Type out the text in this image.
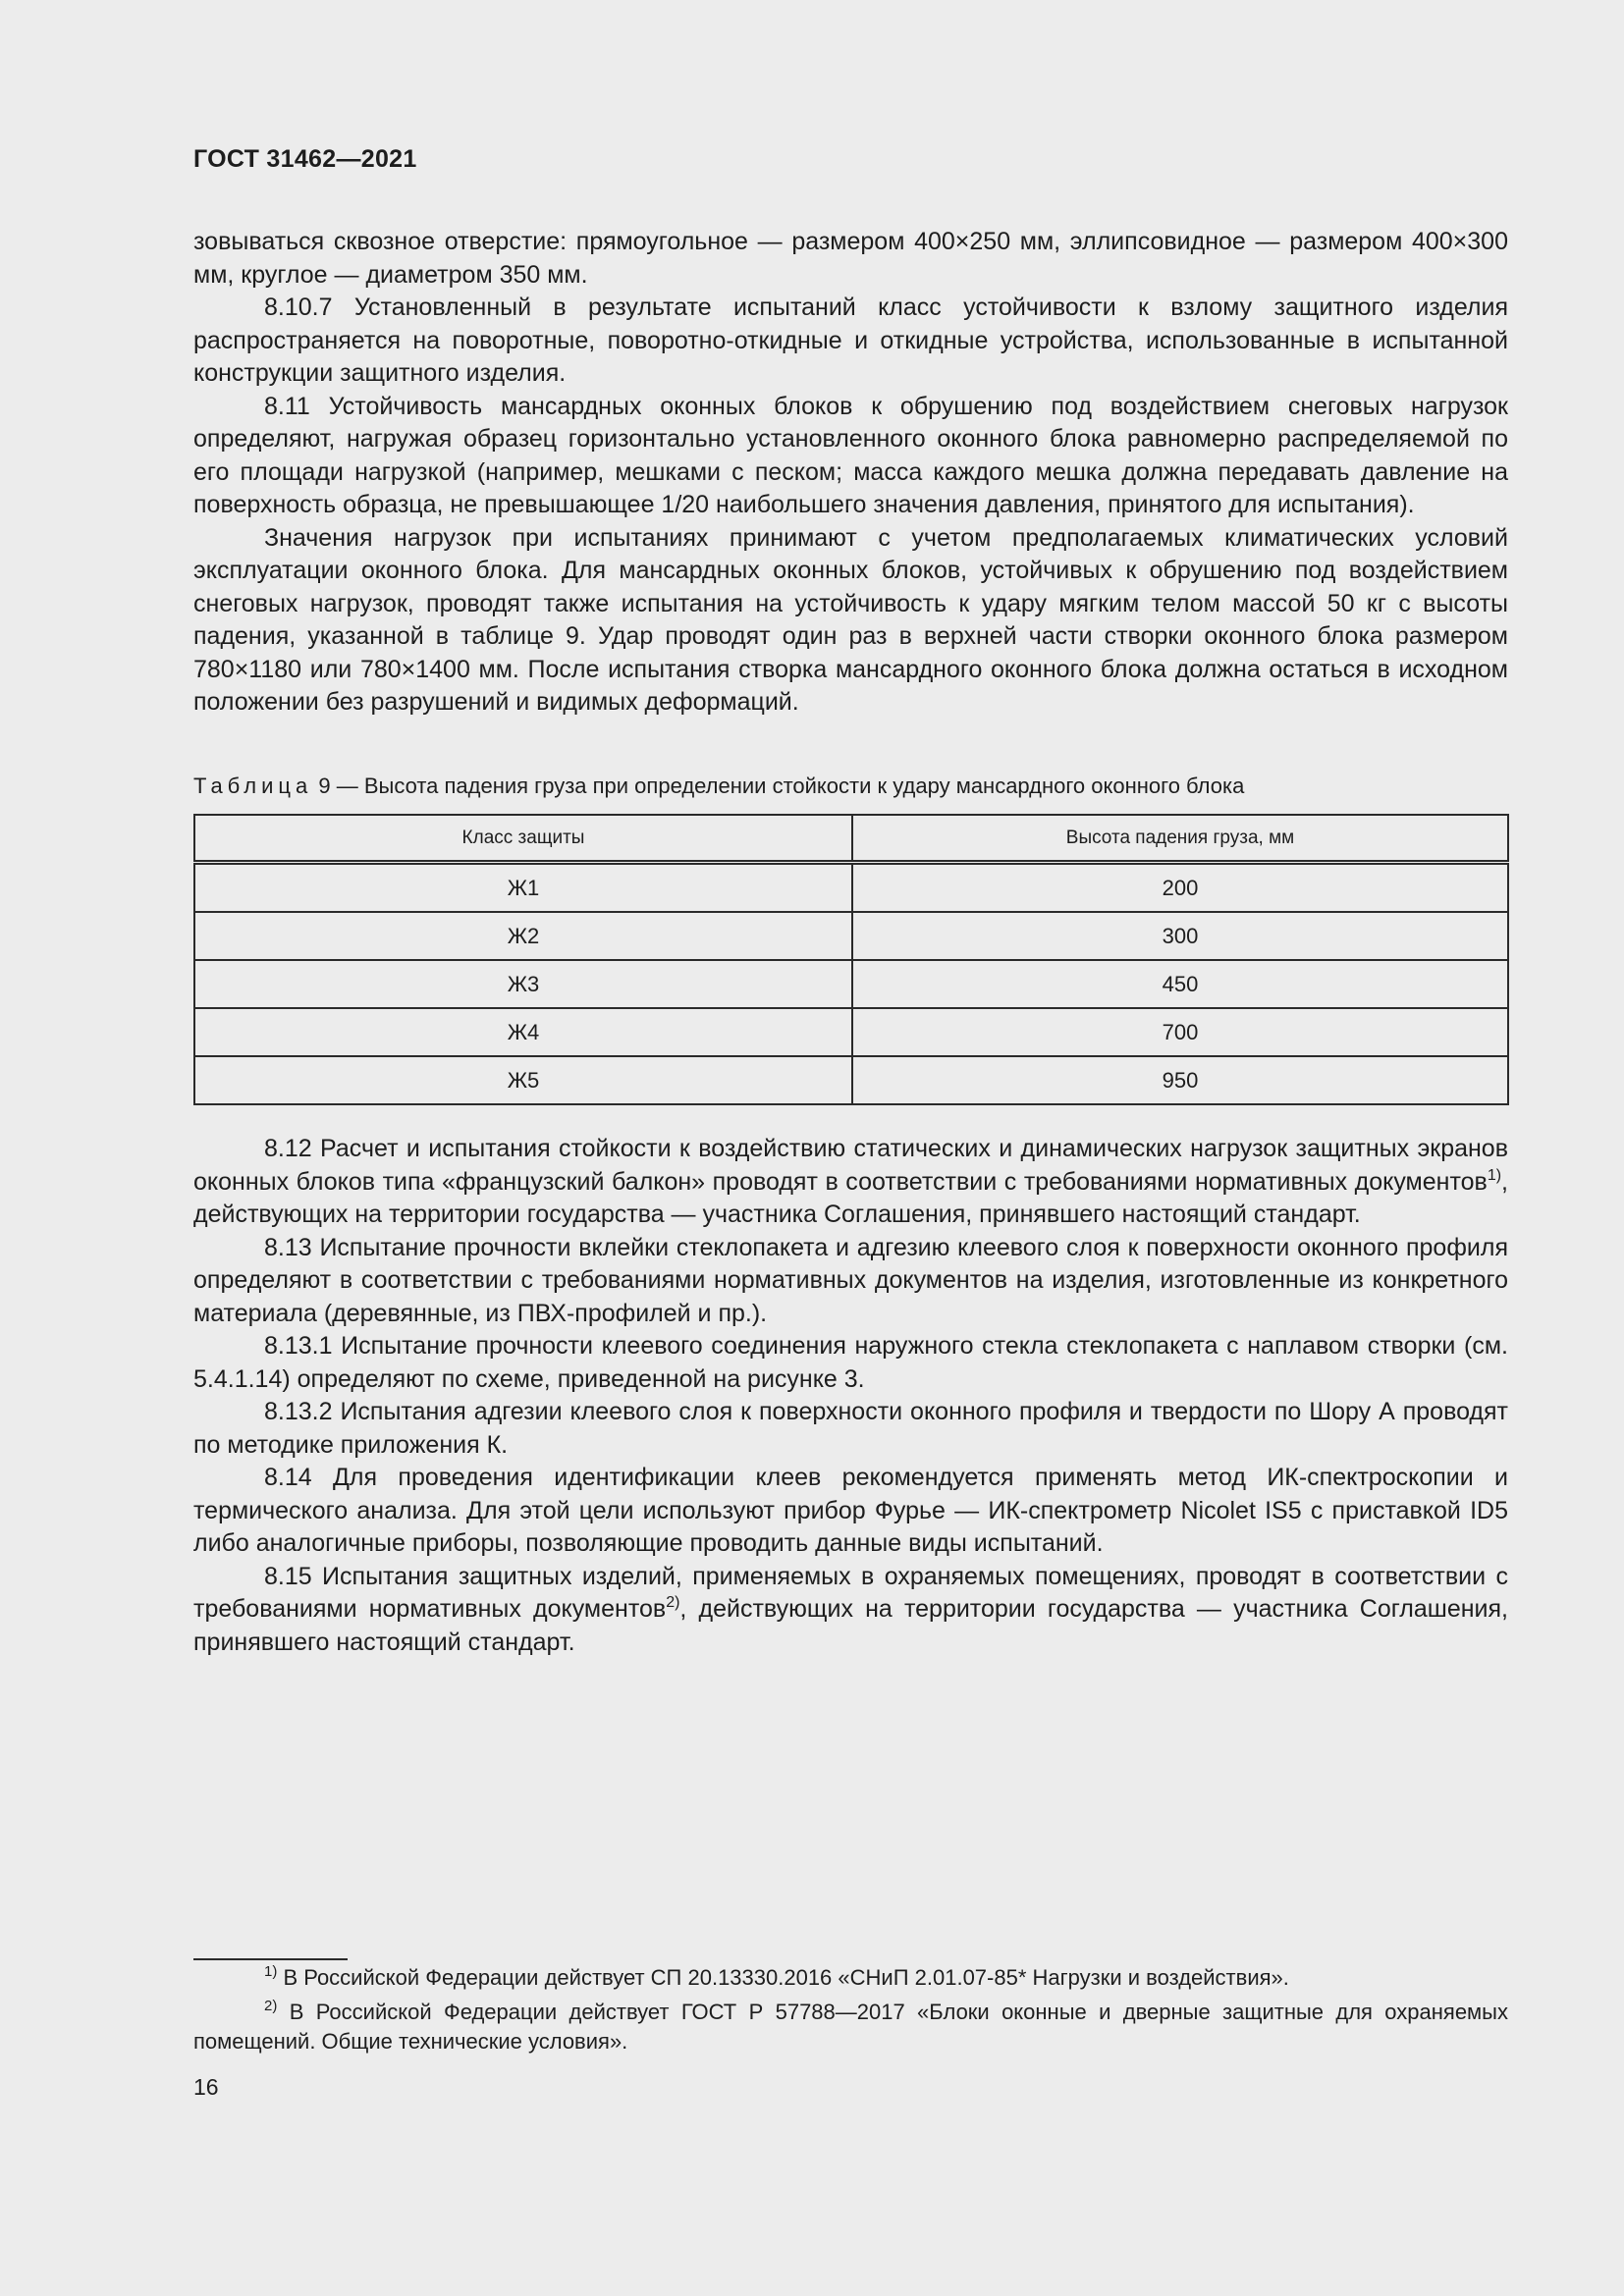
ГОСТ 31462—2021

зовываться сквозное отверстие: прямоугольное — размером 400×250 мм, эллипсовидное — размером 400×300 мм, круглое — диаметром 350 мм.

8.10.7 Установленный в результате испытаний класс устойчивости к взлому защитного изделия распространяется на поворотные, поворотно-откидные и откидные устройства, использованные в испытанной конструкции защитного изделия.

8.11 Устойчивость мансардных оконных блоков к обрушению под воздействием снеговых нагрузок определяют, нагружая образец горизонтально установленного оконного блока равномерно распределяемой по его площади нагрузкой (например, мешками с песком; масса каждого мешка должна передавать давление на поверхность образца, не превышающее 1/20 наибольшего значения давления, принятого для испытания).

Значения нагрузок при испытаниях принимают с учетом предполагаемых климатических условий эксплуатации оконного блока. Для мансардных оконных блоков, устойчивых к обрушению под воздействием снеговых нагрузок, проводят также испытания на устойчивость к удару мягким телом массой 50 кг с высоты падения, указанной в таблице 9. Удар проводят один раз в верхней части створки оконного блока размером 780×1180 или 780×1400 мм. После испытания створка мансардного оконного блока должна остаться в исходном положении без разрушений и видимых деформаций.

Таблица 9 — Высота падения груза при определении стойкости к удару мансардного оконного блока
Класс защиты	Высота падения груза, мм
Ж1	200
Ж2	300
Ж3	450
Ж4	700
Ж5	950

8.12 Расчет и испытания стойкости к воздействию статических и динамических нагрузок защитных экранов оконных блоков типа «французский балкон» проводят в соответствии с требованиями нормативных документов$^{1)}$, действующих на территории государства — участника Соглашения, принявшего настоящий стандарт.

8.13 Испытание прочности вклейки стеклопакета и адгезию клеевого слоя к поверхности оконного профиля определяют в соответствии с требованиями нормативных документов на изделия, изготовленные из конкретного материала (деревянные, из ПВХ-профилей и пр.).

8.13.1 Испытание прочности клеевого соединения наружного стекла стеклопакета с наплавом створки (см. 5.4.1.14) определяют по схеме, приведенной на рисунке 3.

8.13.2 Испытания адгезии клеевого слоя к поверхности оконного профиля и твердости по Шору А проводят по методике приложения К.

8.14 Для проведения идентификации клеев рекомендуется применять метод ИК-спектроскопии и термического анализа. Для этой цели используют прибор Фурье — ИК-спектрометр Nicolet IS5 с приставкой ID5 либо аналогичные приборы, позволяющие проводить данные виды испытаний.

8.15 Испытания защитных изделий, применяемых в охраняемых помещениях, проводят в соответствии с требованиями нормативных документов$^{2)}$, действующих на территории государства — участника Соглашения, принявшего настоящий стандарт.

$^{1)}$ В Российской Федерации действует СП 20.13330.2016 «СНиП 2.01.07-85* Нагрузки и воздействия».

$^{2)}$ В Российской Федерации действует ГОСТ Р 57788—2017 «Блоки оконные и дверные защитные для охраняемых помещений. Общие технические условия».

16
